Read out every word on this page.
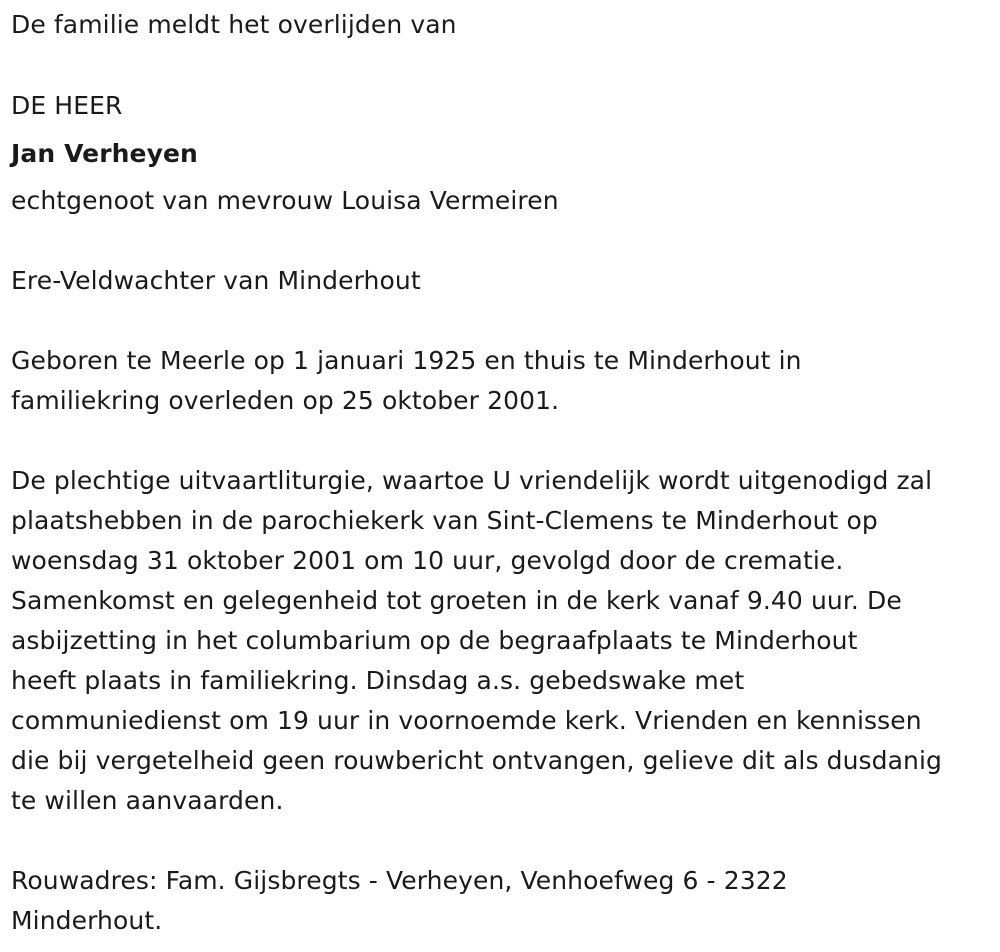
De familie meldt het overlijden van
DE HEER
Jan Verheyen
echtgenoot van mevrouw Louisa Vermeiren
Ere-Veldwachter van Minderhout
Geboren te Meerle op 1 januari 1925 en thuis te Minderhout in
familiekring overleden op 25 oktober 2001.
De plechtige uitvaartliturgie, waartoe U vriendelijk wordt uitgenodigd zal
plaatshebben in de parochiekerk van Sint-Clemens te Minderhout op
woensdag 31 oktober 2001 om 10 uur, gevolgd door de crematie.
Samenkomst en gelegenheid tot groeten in de kerk vanaf 9.40 uur. De
asbijzetting in het columbarium op de begraafplaats te Minderhout
heeft plaats in familiekring. Dinsdag a.s. gebedswake met
communiedienst om 19 uur in voornoemde kerk. Vrienden en kennissen
die bij vergetelheid geen rouwbericht ontvangen, gelieve dit als dusdanig
te willen aanvaarden.
Rouwadres: Fam. Gijsbregts - Verheyen, Venhoefweg 6 - 2322
Minderhout.
